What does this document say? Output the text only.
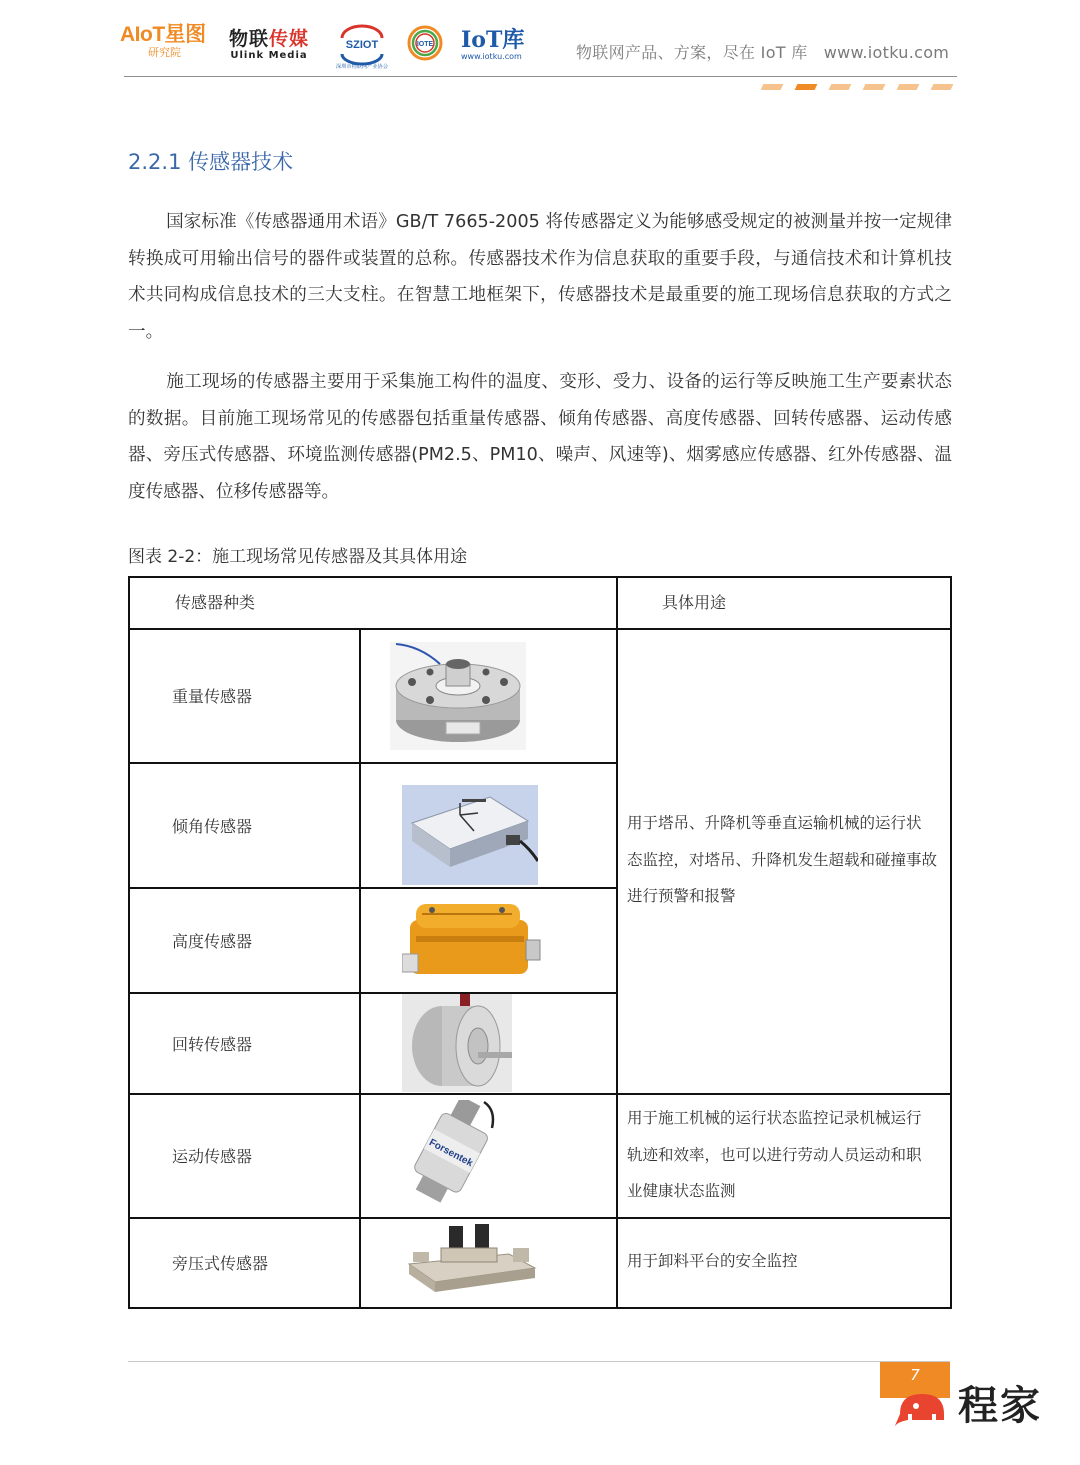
AIoT星图
研究院
物联传媒
Ulink Media
SZIOT
深圳市物联网产业协会
IOTE IoT库
www.iotku.com	物联网产品、方案，尽在 IoT 库 www.iotku.com
2.2.1 传感器技术
国家标准《传感器通用术语》GB/T 7665-2005 将传感器定义为能够感受规定的被测量并按一定规律转换成可用输出信号的器件或装置的总称。传感器技术作为信息获取的重要手段，与通信技术和计算机技术共同构成信息技术的三大支柱。在智慧工地框架下，传感器技术是最重要的施工现场信息获取的方式之一。
施工现场的传感器主要用于采集施工构件的温度、变形、受力、设备的运行等反映施工生产要素状态的数据。目前施工现场常见的传感器包括重量传感器、倾角传感器、高度传感器、回转传感器、运动传感器、旁压式传感器、环境监测传感器(PM2.5、PM10、噪声、风速等)、烟雾感应传感器、红外传感器、温度传感器、位移传感器等。
图表 2-2：施工现场常见传感器及其具体用途
传感器种类	具体用途
重量传感器
倾角传感器
高度传感器
回转传感器
运动传感器
旁压式传感器
用于塔吊、升降机等垂直运输机械的运行状
态监控，对塔吊、升降机发生超载和碰撞事故
进行预警和报警
用于施工机械的运行状态监控记录机械运行
轨迹和效率，也可以进行劳动人员运动和职
业健康状态监测
用于卸料平台的安全监控
Forsentek
7
程家
